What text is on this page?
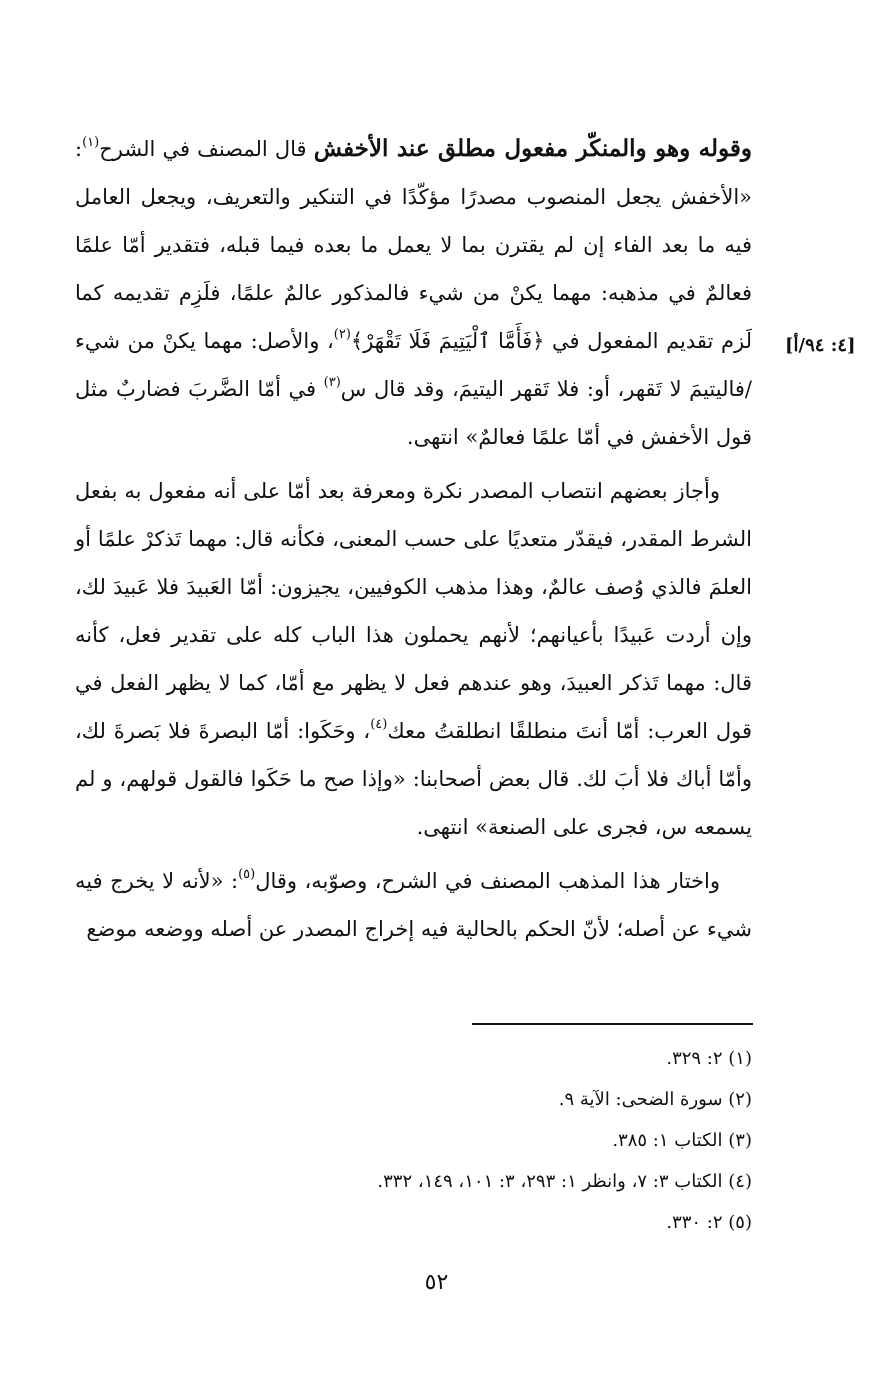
[٤: ٩٤/أ]

وقوله وهو والمنكّر مفعول مطلق عند الأخفش قال المصنف في الشرح$^{(١)}$: «الأخفش يجعل المنصوب مصدرًا مؤكّدًا في التنكير والتعريف، ويجعل العامل فيه ما بعد الفاء إن لم يقترن بما لا يعمل ما بعده فيما قبله، فتقدير أمّا علمًا فعالمٌ في مذهبه: مهما يكنْ من شيء فالمذكور عالمٌ علمًا، فلَزِم تقديمه كما لَزم تقديم المفعول في ﴿فَأَمَّا ٱلْيَتِيمَ فَلَا تَقْهَرْ﴾$^{(٢)}$، والأصل: مهما يكنْ من شيء /فاليتيمَ لا تَقهر، أو: فلا تَقهر اليتيمَ، وقد قال س$^{(٣)}$ في أمّا الضَّربَ فضاربٌ مثل قول الأخفش في أمّا علمًا فعالمٌ» انتهى.

وأجاز بعضهم انتصاب المصدر نكرة ومعرفة بعد أمّا على أنه مفعول به بفعل الشرط المقدر، فيقدّر متعديًا على حسب المعنى، فكأنه قال: مهما تَذكرْ علمًا أو العلمَ فالذي وُصف عالمٌ، وهذا مذهب الكوفيين، يجيزون: أمّا العَبيدَ فلا عَبيدَ لك، وإن أردت عَبيدًا بأعيانهم؛ لأنهم يحملون هذا الباب كله على تقدير فعل، كأنه قال: مهما تَذكر العبيدَ، وهو عندهم فعل لا يظهر مع أمّا، كما لا يظهر الفعل في قول العرب: أمّا أنتَ منطلقًا انطلقتُ معك$^{(٤)}$، وحَكَوا: أمّا البصرةَ فلا بَصرةَ لك، وأمّا أباك فلا أبَ لك. قال بعض أصحابنا: «وإذا صح ما حَكَوا فالقول قولهم، و لم يسمعه س، فجرى على الصنعة» انتهى.

واختار هذا المذهب المصنف في الشرح، وصوّبه، وقال$^{(٥)}$: «لأنه لا يخرج فيه شيء عن أصله؛ لأنّ الحكم بالحالية فيه إخراج المصدر عن أصله ووضعه موضع

(١) ٢: ٣٢٩.
(٢) سورة الضحى: الآية ٩.
(٣) الكتاب ١: ٣٨٥.
(٤) الكتاب ٣: ٧، وانظر ١: ٢٩٣، ٣: ١٠١، ١٤٩، ٣٣٢.
(٥) ٢: ٣٣٠.
٥٢
